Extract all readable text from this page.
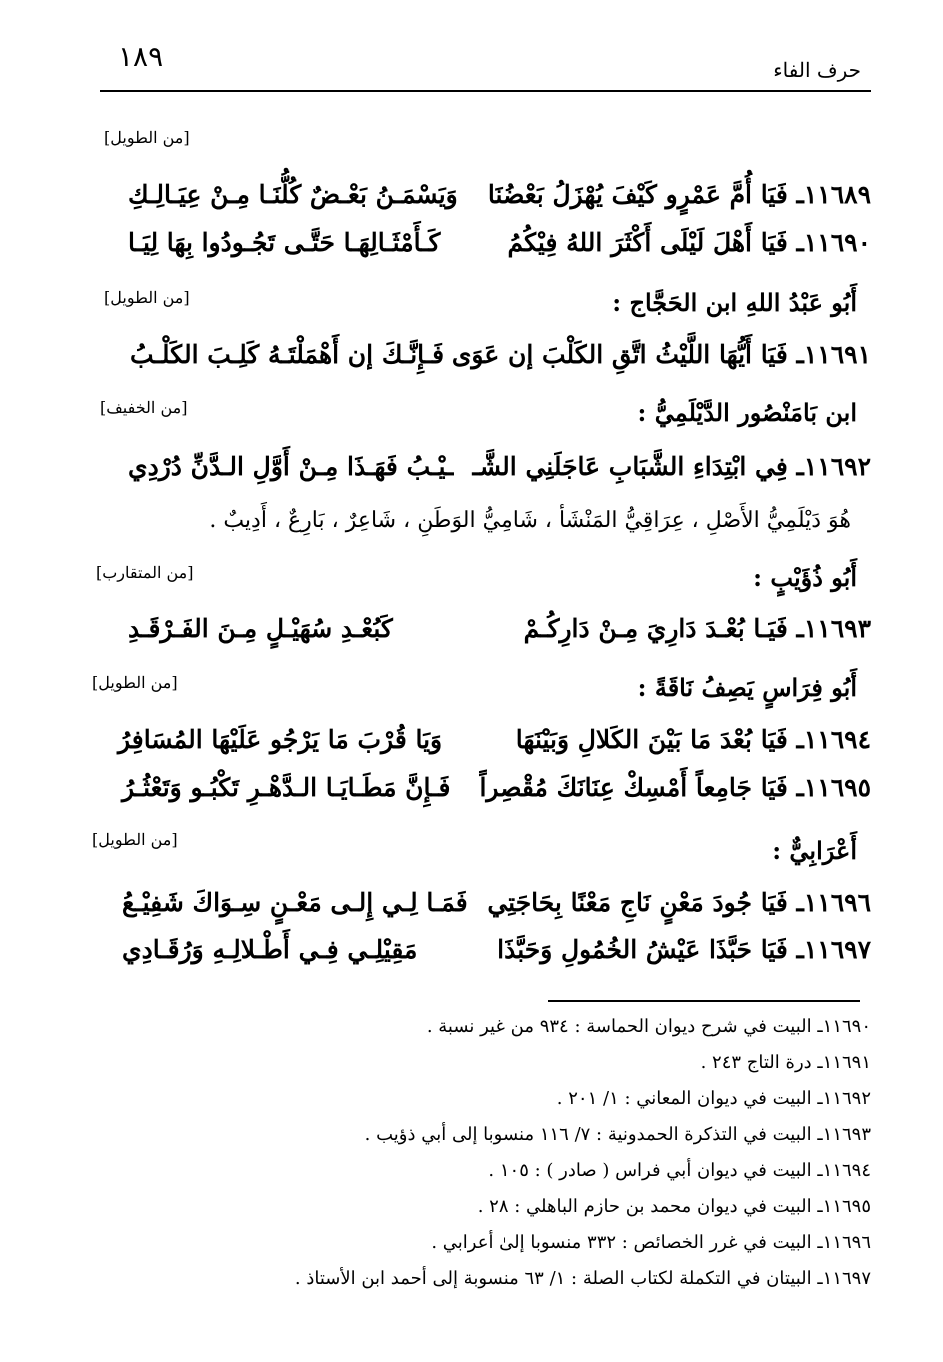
١٨٩	حرف الفاء
[من الطويل]
[من الطويل]
[من الخفيف]
[من المتقارب]
[من الطويل]
[من الطويل]
١١٦٨٩ـ فَيَا أُمَّ عَمْرٍو كَيْفَ يُهْزَلُ بَعْضُنَا
وَيَسْمَـنُ بَعْـضٌ كُلُّنَـا مِـنْ عِيَـالِـكِ
١١٦٩٠ـ فَيَا أَهْلَ لَيْلَى أَكْثَرَ اللهُ فِيْكُمُ
كَـأَمْثَـالِهَـا حَتَّـى تَجُـودُوا بِهَا لِيَـا
أَبُو عَبْدُ اللهِ ابن الحَجَّاج :
١١٦٩١ـ فَيَا أَيُّهَا اللَّيْثُ اتَّقِ الكَلْبَ إن عَوَى
فَـإِنَّـكَ إن أَهْمَلْتَـهُ كَلِـبَ الكَلْـبُ
ابن بَامَنْصُور الدَّيْلَمِيُّ :
١١٦٩٢ـ فِي ابْتِدَاءِ الشَّبَابِ عَاجَلَنِي الشَّـ
ـيْـبُ فَهَـذَا مِـنْ أَوَّلِ الـدَّنِّ دُرْدِي
هُوَ دَيْلَمِيُّ الأَصْلِ ، عِرَاقِيُّ المَنْشَأ ، شَامِيُّ الوَطَنِ ، شَاعِرٌ ، بَارِعٌ ، أَدِيبٌ .
أَبُو ذُؤَيْبٍ :
١١٦٩٣ـ فَيَـا بُعْـدَ دَارِيَ مِـنْ دَارِكُـمْ
كَبُعْـدِ سُهَيْـلٍ مِـنَ الفَـرْقَـدِ
أَبُو فِرَاسٍ يَصِفُ نَاقَةً :
١١٦٩٤ـ فَيَا بُعْدَ مَا بَيْنَ الكَلالِ وَبَيْنَهَا
وَيَا قُرْبَ مَا يَرْجُو عَلَيْهَا المُسَافِرُ
١١٦٩٥ـ فَيَا جَامِعاً أَمْسِكْ عِنَانَكَ مُقْصِراً
فَـإِنَّ مَطَـايَـا الـدَّهْـرِ تَكْبُـو وَتَعْثُـرُ
أَعْرَابِيٌّ :
١١٦٩٦ـ فَيَا جُودَ مَعْنٍ نَاجِ مَعْنًا بِحَاجَتِي
فَمَـا لِـي إِلـى مَعْـنٍ سِـوَاكَ شَفِيْـعُ
١١٦٩٧ـ فَيَا حَبَّذَا عَيْشُ الخُمُولِ وَحَبَّذَا
مَقِيْلِـي فِـي أَطْـلالِـهِ وَرُقَـادِي
١١٦٩٠ـ البيت في شرح ديوان الحماسة : ٩٣٤ من غير نسبة .
١١٦٩١ـ درة التاج ٢٤٣ .
١١٦٩٢ـ البيت في ديوان المعاني : ١/ ٢٠١ .
١١٦٩٣ـ البيت في التذكرة الحمدونية : ٧/ ١١٦ منسوبا إلى أبي ذؤيب .
١١٦٩٤ـ البيت في ديوان أبي فراس ( صادر ) : ١٠٥ .
١١٦٩٥ـ البيت في ديوان محمد بن حازم الباهلي : ٢٨ .
١١٦٩٦ـ البيت في غرر الخصائص : ٣٣٢ منسوبا إلىٰ أعرابي .
١١٦٩٧ـ البيتان في التكملة لكتاب الصلة : ١/ ٦٣ منسوبة إلى أحمد ابن الأستاذ .
